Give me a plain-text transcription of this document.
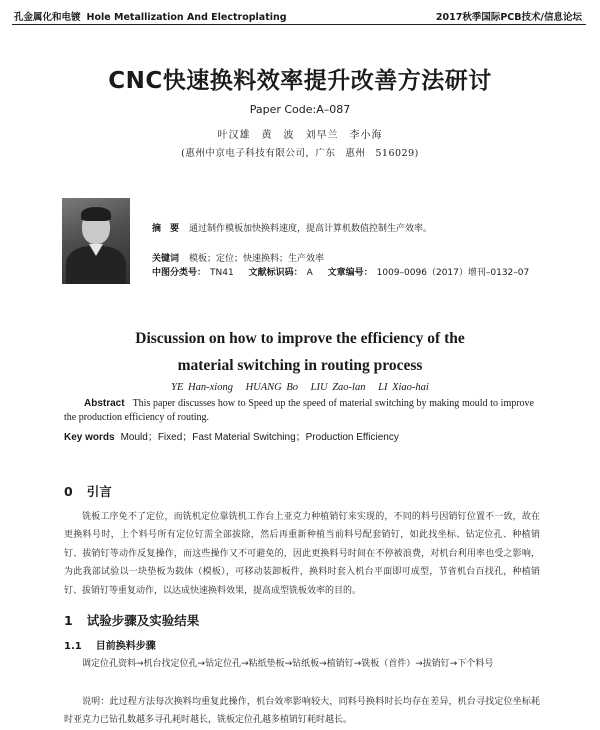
孔金属化和电镀 Hole Metallization And Electroplating	2017秋季国际PCB技术/信息论坛
CNC快速换料效率提升改善方法研讨
Paper Code:A–087
叶汉雄　黄　波　刘早兰　李小海
(惠州中京电子科技有限公司，广东　惠州　516029)
摘　要 通过制作模板加快换料速度，提高计算机数值控制生产效率。
关键词 模板；定位；快速换料；生产效率
中图分类号： TN41 文献标识码： A 文章编号： 1009–0096（2017）增刊–0132–07
Discussion on how to improve the efficiency of the
material switching in routing process
YE Han-xiong HUANG Bo LIU Zao-lan LI Xiao-hai
Abstract This paper discusses how to Speed up the speed of material switching by making mould to improve the production efficiency of routing.
Key words Mould；Fixed；Fast Material Switching；Production Efficiency
0 引言
铣板工序免不了定位，而铣机定位靠铣机工作台上亚克力种植销钉来实现的，不同的料号因销钉位置不一致，故在更换料号时，上个料号所有定位钉需全部拔除，然后再重新种植当前料号配套销钉，如此找坐标、钻定位孔、种植销钉、拔销钉等动作反复操作，而这些操作又不可避免的，因此更换料号时间在不停被浪费，对机台利用率也受之影响，为此我部试验以一块垫板为载体（模板），可移动装卸板件，换料时套入机台平面即可成型，节省机台百找孔，种植销钉、拔销钉等重复动作，以达成快速换料效果，提高成型铣板效率的目的。
1 试验步骤及实验结果
1.1 目前换料步骤
调定位孔资料→机台找定位孔→钻定位孔→粘纸垫板→钻纸板→植销钉→铣板（首件）→拔销钉→下个料号
说明：此过程方法每次换料均重复此操作，机台效率影响较大，同料号换料时长均存在差异，机台寻找定位坐标耗时亚克力已钻孔数越多寻孔耗时越长，铣板定位孔越多植销钉耗时越长。
